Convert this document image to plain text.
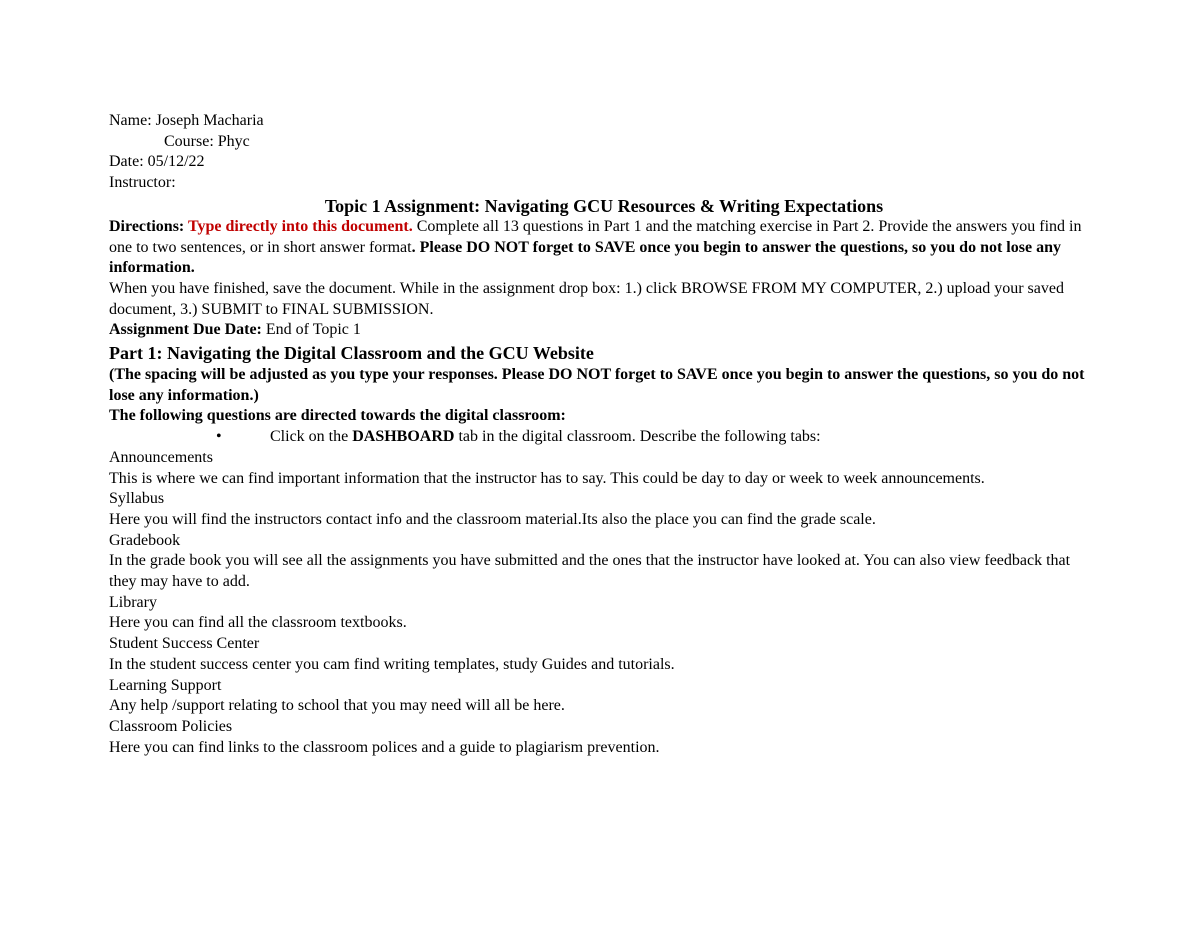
Name: Joseph Macharia
Course: Phyc
Date: 05/12/22
Instructor:
Topic 1 Assignment: Navigating GCU Resources & Writing Expectations
Directions: Type directly into this document. Complete all 13 questions in Part 1 and the matching exercise in Part 2. Provide the answers you find in one to two sentences, or in short answer format. Please DO NOT forget to SAVE once you begin to answer the questions, so you do not lose any information.
When you have finished, save the document. While in the assignment drop box: 1.) click BROWSE FROM MY COMPUTER, 2.) upload your saved document, 3.) SUBMIT to FINAL SUBMISSION.
Assignment Due Date: End of Topic 1
Part 1: Navigating the Digital Classroom and the GCU Website
(The spacing will be adjusted as you type your responses. Please DO NOT forget to SAVE once you begin to answer the questions, so you do not lose any information.)
The following questions are directed towards the digital classroom:
•	Click on the DASHBOARD tab in the digital classroom. Describe the following tabs:
Announcements
This is where we can find important information that the instructor has to say. This could be day to day or week to week announcements.
Syllabus
Here you will find the instructors contact info and the classroom material.Its also the place you can find the grade scale.
Gradebook
In the grade book you will see all the assignments you have submitted and the ones that the instructor have looked at. You can also view feedback that they may have to add.
Library
Here you can find all the classroom textbooks.
Student Success Center
In the student success center you cam find writing templates, study Guides and tutorials.
Learning Support
Any help /support relating to school that you may need will all be here.
Classroom Policies
Here you can find links to the classroom polices and a guide to plagiarism prevention.
